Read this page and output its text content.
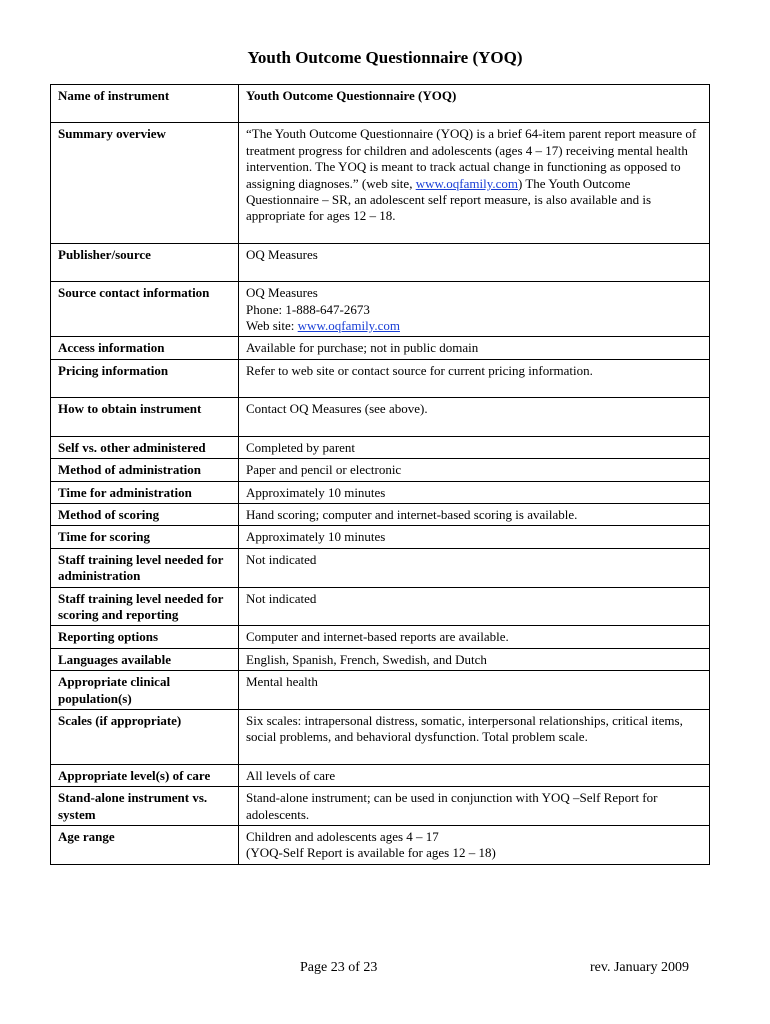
Youth Outcome Questionnaire (YOQ)
Name of instrument	Youth Outcome Questionnaire (YOQ)
Summary overview	“The Youth Outcome Questionnaire (YOQ) is a brief 64-item parent report measure of treatment progress for children and adolescents (ages 4 – 17) receiving mental health intervention. The YOQ is meant to track actual change in functioning as opposed to assigning diagnoses.” (web site, www.oqfamily.com) The Youth Outcome Questionnaire – SR, an adolescent self report measure, is also available and is appropriate for ages 12 – 18.
Publisher/source	OQ Measures
Source contact information	OQ Measures
Phone: 1-888-647-2673
Web site: www.oqfamily.com

Access information	Available for purchase; not in public domain
Pricing information	Refer to web site or contact source for current pricing information.
How to obtain instrument	Contact OQ Measures (see above).
Self vs. other administered	Completed by parent
Method of administration	Paper and pencil or electronic
Time for administration	Approximately 10 minutes
Method of scoring	Hand scoring; computer and internet-based scoring is available.
Time for scoring	Approximately 10 minutes
Staff training level needed for administration	Not indicated
Staff training level needed for scoring and reporting	Not indicated
Reporting options	Computer and internet-based reports are available.
Languages available	English, Spanish, French, Swedish, and Dutch
Appropriate clinical population(s)	Mental health
Scales (if appropriate)	Six scales: intrapersonal distress, somatic, interpersonal relationships, critical items, social problems, and behavioral dysfunction. Total problem scale.
Appropriate level(s) of care	All levels of care
Stand-alone instrument vs. system	Stand-alone instrument; can be used in conjunction with YOQ –Self Report for adolescents.
Age range	Children and adolescents ages 4 – 17
(YOQ-Self Report is available for ages 12 – 18)
Page 23 of 23	rev. January 2009
